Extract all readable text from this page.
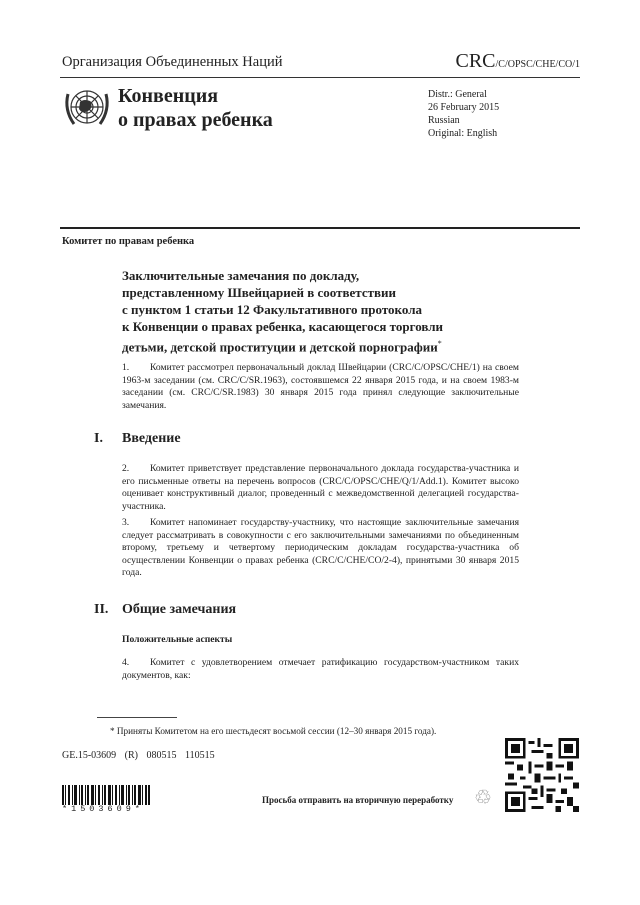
Организация Объединенных Наций	CRC/C/OPSC/CHE/CO/1
Конвенция
о правах ребенка
Distr.: General
26 February 2015
Russian
Original: English
Комитет по правам ребенка
Заключительные замечания по докладу,
представленному Швейцарией в соответствии
с пунктом 1 статьи 12 Факультативного протокола
к Конвенции о правах ребенка, касающегося торговли
детьми, детской проституции и детской порнографии*
1. Комитет рассмотрел первоначальный доклад Швейцарии (CRC/C/OPSC/CHE/1) на своем 1963-м заседании (см. CRC/C/SR.1963), состоявшемся 22 января 2015 года, и на своем 1983-м заседании (см. CRC/C/SR.1983) 30 января 2015 года принял следующие заключительные замечания.
I. Введение
2. Комитет приветствует представление первоначального доклада государства-участника и его письменные ответы на перечень вопросов (CRC/C/OPSC/CHE/Q/1/Add.1). Комитет высоко оценивает конструктивный диалог, проведенный с межведомственной делегацией государства-участника.
3. Комитет напоминает государству-участнику, что настоящие заключительные замечания следует рассматривать в совокупности с его заключительными замечаниями по объединенным второму, третьему и четвертому периодическим докладам государства-участника об осуществлении Конвенции о правах ребенка (CRC/C/CHE/CO/2-4), принятыми 30 января 2015 года.
II. Общие замечания
Положительные аспекты
4. Комитет с удовлетворением отмечает ратификацию государством-участником таких документов, как:
* Приняты Комитетом на его шестьдесят восьмой сессии (12–30 января 2015 года).
GE.15-03609 (R) 080515 110515
*1503609*
Просьба отправить на вторичную переработку ♲
